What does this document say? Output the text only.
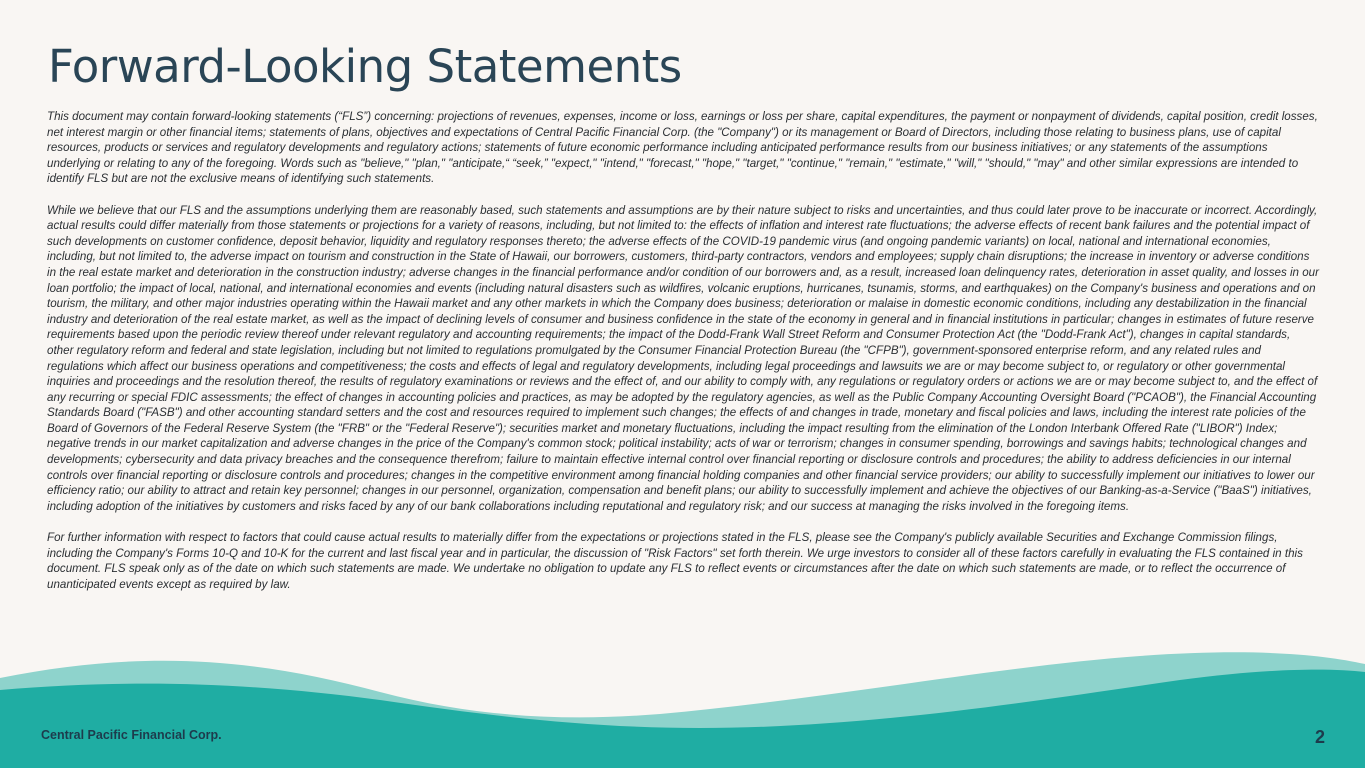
Forward-Looking Statements

This document may contain forward-looking statements (“FLS”) concerning: projections of revenues, expenses, income or loss, earnings or loss per share, capital expenditures, the payment or nonpayment of dividends, capital position, credit losses, net interest margin or other financial items; statements of plans, objectives and expectations of Central Pacific Financial Corp. (the "Company") or its management or Board of Directors, including those relating to business plans, use of capital resources, products or services and regulatory developments and regulatory actions; statements of future economic performance including anticipated performance results from our business initiatives; or any statements of the assumptions underlying or relating to any of the foregoing. Words such as "believe," "plan," "anticipate,“ “seek,” "expect," "intend," "forecast," "hope," "target," "continue," "remain," "estimate," "will," "should," "may" and other similar expressions are intended to identify FLS but are not the exclusive means of identifying such statements.

While we believe that our FLS and the assumptions underlying them are reasonably based, such statements and assumptions are by their nature subject to risks and uncertainties, and thus could later prove to be inaccurate or incorrect. Accordingly, actual results could differ materially from those statements or projections for a variety of reasons, including, but not limited to: the effects of inflation and interest rate fluctuations; the adverse effects of recent bank failures and the potential impact of such developments on customer confidence, deposit behavior, liquidity and regulatory responses thereto; the adverse effects of the COVID-19 pandemic virus (and ongoing pandemic variants) on local, national and international economies, including, but not limited to, the adverse impact on tourism and construction in the State of Hawaii, our borrowers, customers, third-party contractors, vendors and employees; supply chain disruptions; the increase in inventory or adverse conditions in the real estate market and deterioration in the construction industry; adverse changes in the financial performance and/or condition of our borrowers and, as a result, increased loan delinquency rates, deterioration in asset quality, and losses in our loan portfolio; the impact of local, national, and international economies and events (including natural disasters such as wildfires, volcanic eruptions, hurricanes, tsunamis, storms, and earthquakes) on the Company's business and operations and on tourism, the military, and other major industries operating within the Hawaii market and any other markets in which the Company does business; deterioration or malaise in domestic economic conditions, including any destabilization in the financial industry and deterioration of the real estate market, as well as the impact of declining levels of consumer and business confidence in the state of the economy in general and in financial institutions in particular; changes in estimates of future reserve requirements based upon the periodic review thereof under relevant regulatory and accounting requirements; the impact of the Dodd-Frank Wall Street Reform and Consumer Protection Act (the "Dodd-Frank Act"), changes in capital standards, other regulatory reform and federal and state legislation, including but not limited to regulations promulgated by the Consumer Financial Protection Bureau (the "CFPB"), government-sponsored enterprise reform, and any related rules and regulations which affect our business operations and competitiveness; the costs and effects of legal and regulatory developments, including legal proceedings and lawsuits we are or may become subject to, or regulatory or other governmental inquiries and proceedings and the resolution thereof, the results of regulatory examinations or reviews and the effect of, and our ability to comply with, any regulations or regulatory orders or actions we are or may become subject to, and the effect of any recurring or special FDIC assessments; the effect of changes in accounting policies and practices, as may be adopted by the regulatory agencies, as well as the Public Company Accounting Oversight Board ("PCAOB"), the Financial Accounting Standards Board ("FASB") and other accounting standard setters and the cost and resources required to implement such changes; the effects of and changes in trade, monetary and fiscal policies and laws, including the interest rate policies of the Board of Governors of the Federal Reserve System (the "FRB" or the "Federal Reserve"); securities market and monetary fluctuations, including the impact resulting from the elimination of the London Interbank Offered Rate ("LIBOR") Index; negative trends in our market capitalization and adverse changes in the price of the Company's common stock; political instability; acts of war or terrorism; changes in consumer spending, borrowings and savings habits; technological changes and developments; cybersecurity and data privacy breaches and the consequence therefrom; failure to maintain effective internal control over financial reporting or disclosure controls and procedures; the ability to address deficiencies in our internal controls over financial reporting or disclosure controls and procedures; changes in the competitive environment among financial holding companies and other financial service providers; our ability to successfully implement our initiatives to lower our efficiency ratio; our ability to attract and retain key personnel; changes in our personnel, organization, compensation and benefit plans; our ability to successfully implement and achieve the objectives of our Banking-as-a-Service ("BaaS") initiatives, including adoption of the initiatives by customers and risks faced by any of our bank collaborations including reputational and regulatory risk; and our success at managing the risks involved in the foregoing items.

For further information with respect to factors that could cause actual results to materially differ from the expectations or projections stated in the FLS, please see the Company's publicly available Securities and Exchange Commission filings, including the Company's Forms 10-Q and 10-K for the current and last fiscal year and in particular, the discussion of "Risk Factors" set forth therein. We urge investors to consider all of these factors carefully in evaluating the FLS contained in this document. FLS speak only as of the date on which such statements are made. We undertake no obligation to update any FLS to reflect events or circumstances after the date on which such statements are made, or to reflect the occurrence of unanticipated events except as required by law.

Central Pacific Financial Corp.	2
